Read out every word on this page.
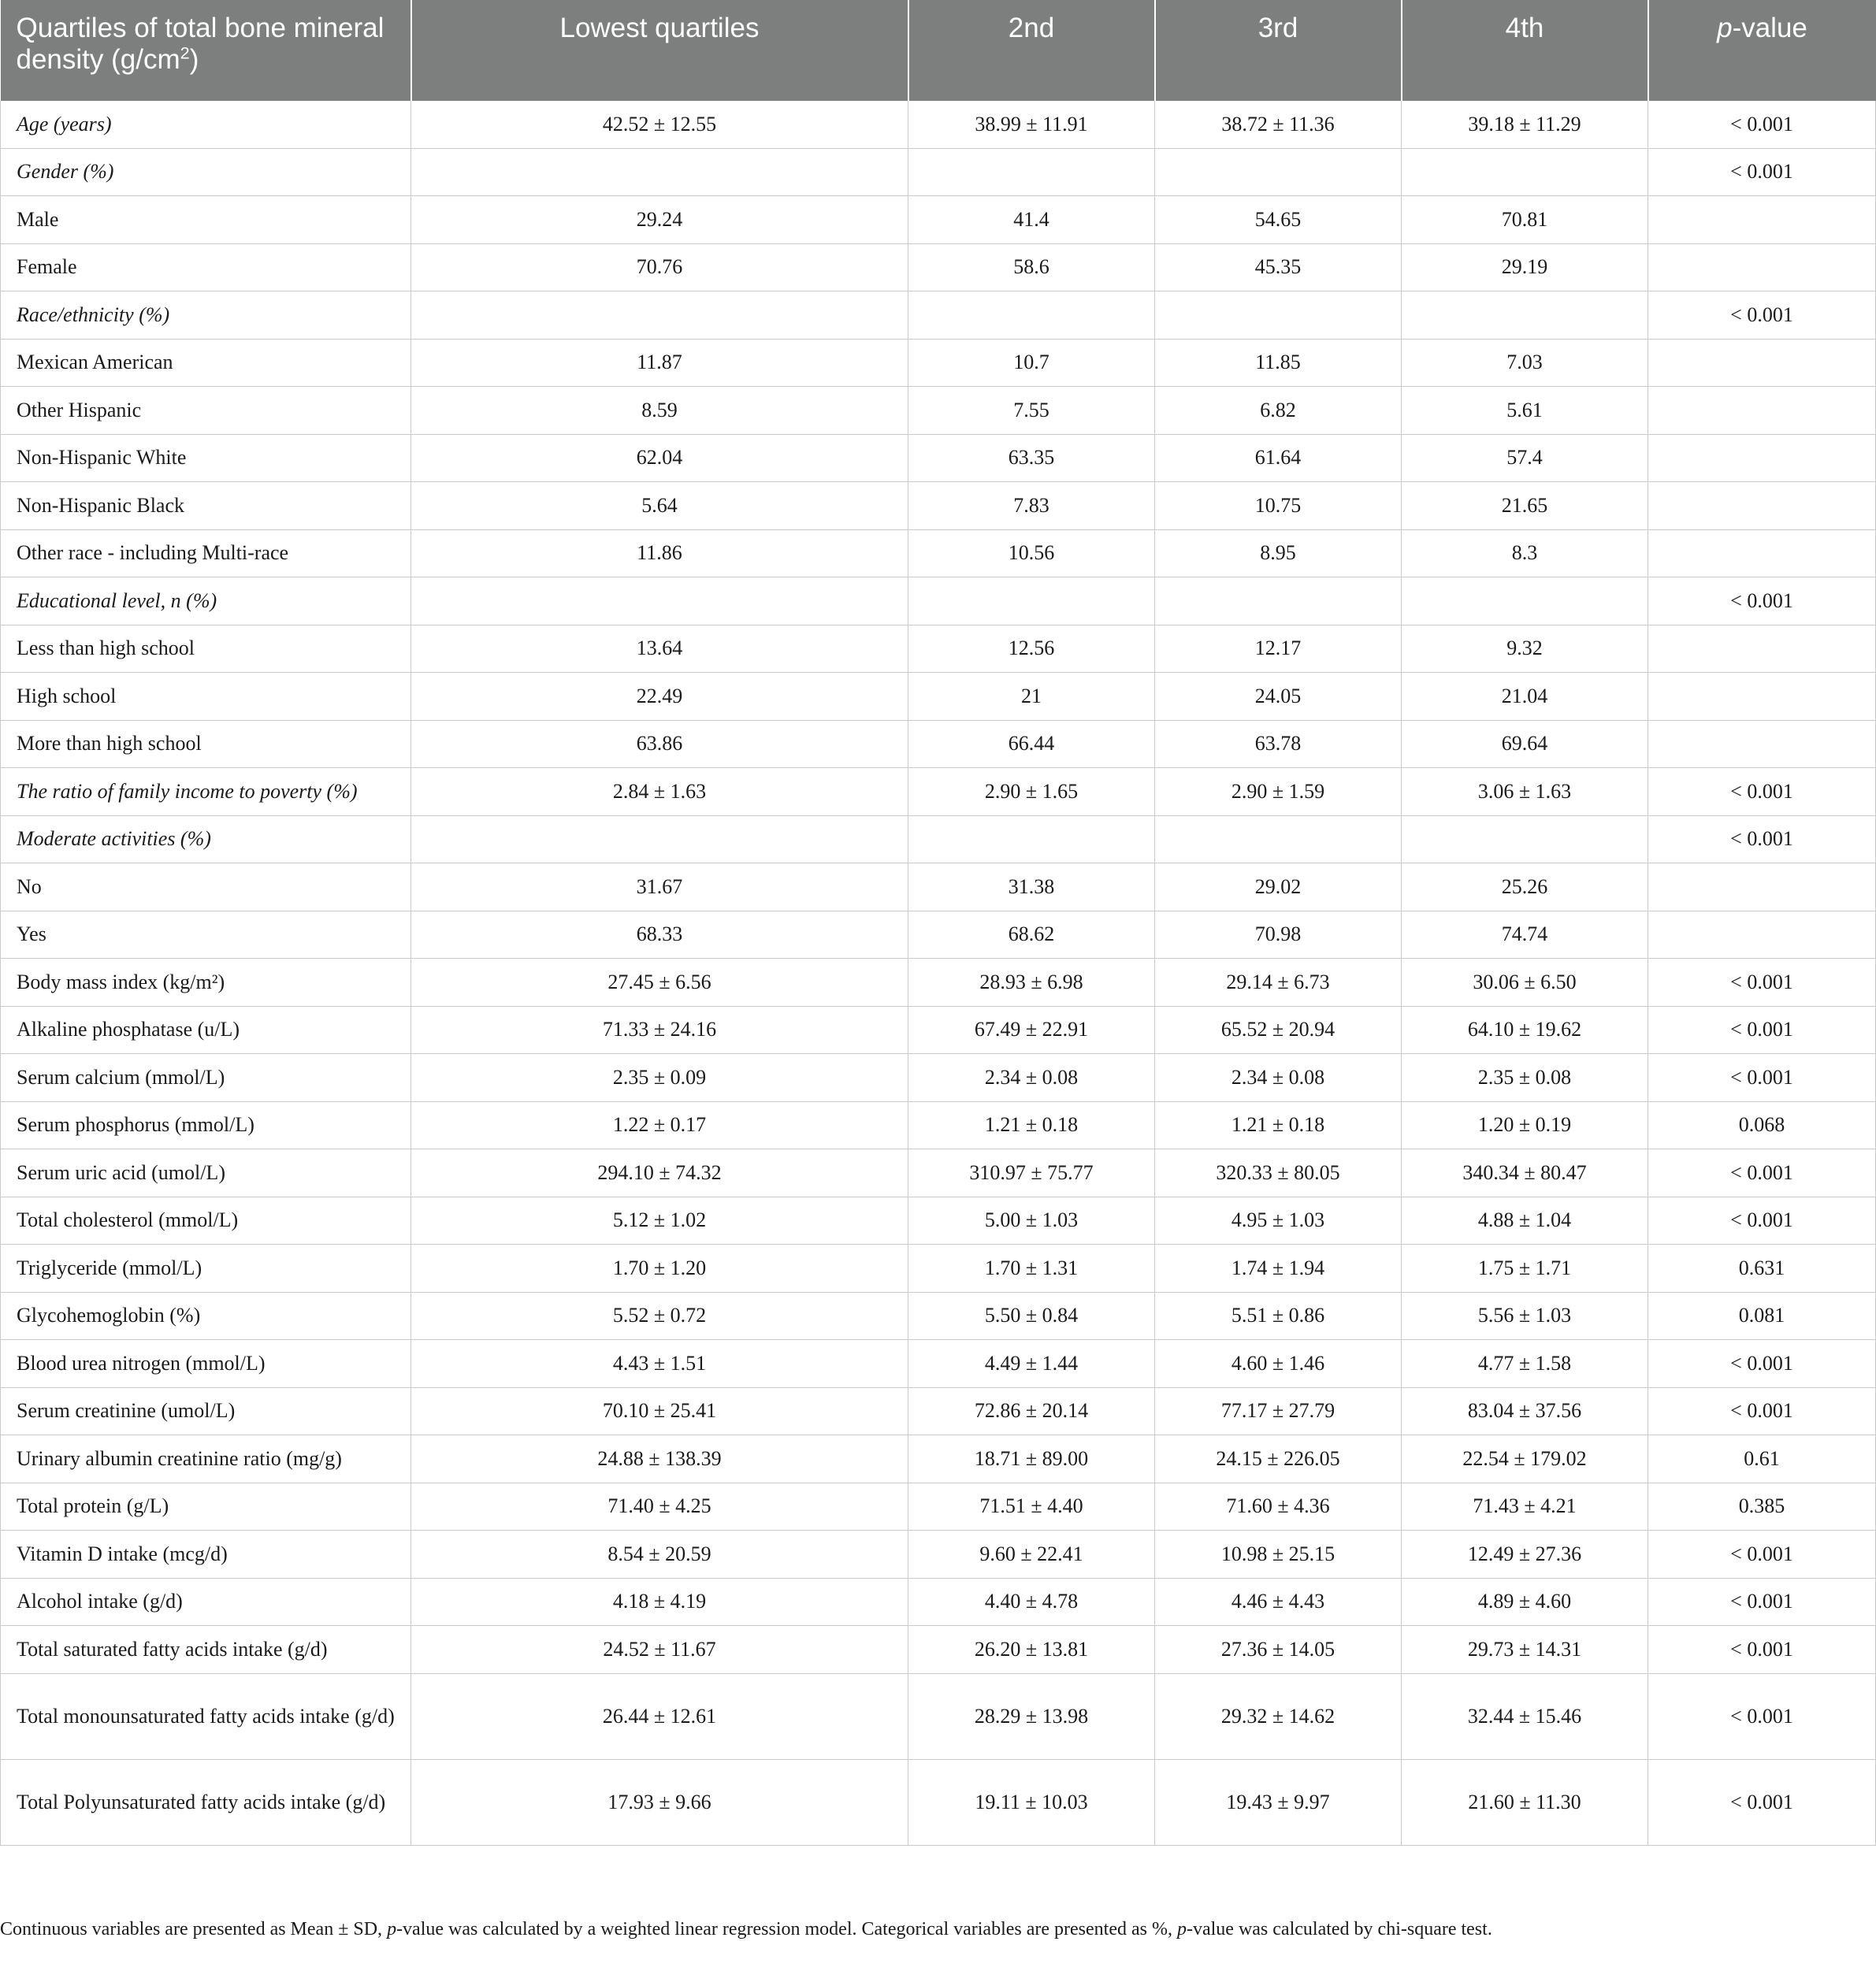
Quartiles of total bone mineral density $(g/cm^2)$	Lowest quartiles	2nd	3rd	4th	p-value
Age (years)	42.52 ± 12.55	38.99 ± 11.91	38.72 ± 11.36	39.18 ± 11.29	< 0.001
Gender (%)					< 0.001
Male	29.24	41.4	54.65	70.81	
Female	70.76	58.6	45.35	29.19	
Race/ethnicity (%)					< 0.001
Mexican American	11.87	10.7	11.85	7.03	
Other Hispanic	8.59	7.55	6.82	5.61	
Non-Hispanic White	62.04	63.35	61.64	57.4	
Non-Hispanic Black	5.64	7.83	10.75	21.65	
Other race - including Multi-race	11.86	10.56	8.95	8.3	
Educational level, n (%)					< 0.001
Less than high school	13.64	12.56	12.17	9.32	
High school	22.49	21	24.05	21.04	
More than high school	63.86	66.44	63.78	69.64	
The ratio of family income to poverty (%)	2.84 ± 1.63	2.90 ± 1.65	2.90 ± 1.59	3.06 ± 1.63	< 0.001
Moderate activities (%)					< 0.001
No	31.67	31.38	29.02	25.26	
Yes	68.33	68.62	70.98	74.74	
Body mass index (kg/m²)	27.45 ± 6.56	28.93 ± 6.98	29.14 ± 6.73	30.06 ± 6.50	< 0.001
Alkaline phosphatase (u/L)	71.33 ± 24.16	67.49 ± 22.91	65.52 ± 20.94	64.10 ± 19.62	< 0.001
Serum calcium (mmol/L)	2.35 ± 0.09	2.34 ± 0.08	2.34 ± 0.08	2.35 ± 0.08	< 0.001
Serum phosphorus (mmol/L)	1.22 ± 0.17	1.21 ± 0.18	1.21 ± 0.18	1.20 ± 0.19	0.068
Serum uric acid (umol/L)	294.10 ± 74.32	310.97 ± 75.77	320.33 ± 80.05	340.34 ± 80.47	< 0.001
Total cholesterol (mmol/L)	5.12 ± 1.02	5.00 ± 1.03	4.95 ± 1.03	4.88 ± 1.04	< 0.001
Triglyceride (mmol/L)	1.70 ± 1.20	1.70 ± 1.31	1.74 ± 1.94	1.75 ± 1.71	0.631
Glycohemoglobin (%)	5.52 ± 0.72	5.50 ± 0.84	5.51 ± 0.86	5.56 ± 1.03	0.081
Blood urea nitrogen (mmol/L)	4.43 ± 1.51	4.49 ± 1.44	4.60 ± 1.46	4.77 ± 1.58	< 0.001
Serum creatinine (umol/L)	70.10 ± 25.41	72.86 ± 20.14	77.17 ± 27.79	83.04 ± 37.56	< 0.001
Urinary albumin creatinine ratio (mg/g)	24.88 ± 138.39	18.71 ± 89.00	24.15 ± 226.05	22.54 ± 179.02	0.61
Total protein (g/L)	71.40 ± 4.25	71.51 ± 4.40	71.60 ± 4.36	71.43 ± 4.21	0.385
Vitamin D intake (mcg/d)	8.54 ± 20.59	9.60 ± 22.41	10.98 ± 25.15	12.49 ± 27.36	< 0.001
Alcohol intake (g/d)	4.18 ± 4.19	4.40 ± 4.78	4.46 ± 4.43	4.89 ± 4.60	< 0.001
Total saturated fatty acids intake (g/d)	24.52 ± 11.67	26.20 ± 13.81	27.36 ± 14.05	29.73 ± 14.31	< 0.001
Total monounsaturated fatty acids intake (g/d)	26.44 ± 12.61	28.29 ± 13.98	29.32 ± 14.62	32.44 ± 15.46	< 0.001
Total Polyunsaturated fatty acids intake (g/d)	17.93 ± 9.66	19.11 ± 10.03	19.43 ± 9.97	21.60 ± 11.30	< 0.001
Continuous variables are presented as Mean ± SD, p-value was calculated by a weighted linear regression model. Categorical variables are presented as %, p-value was calculated by chi-square test.
